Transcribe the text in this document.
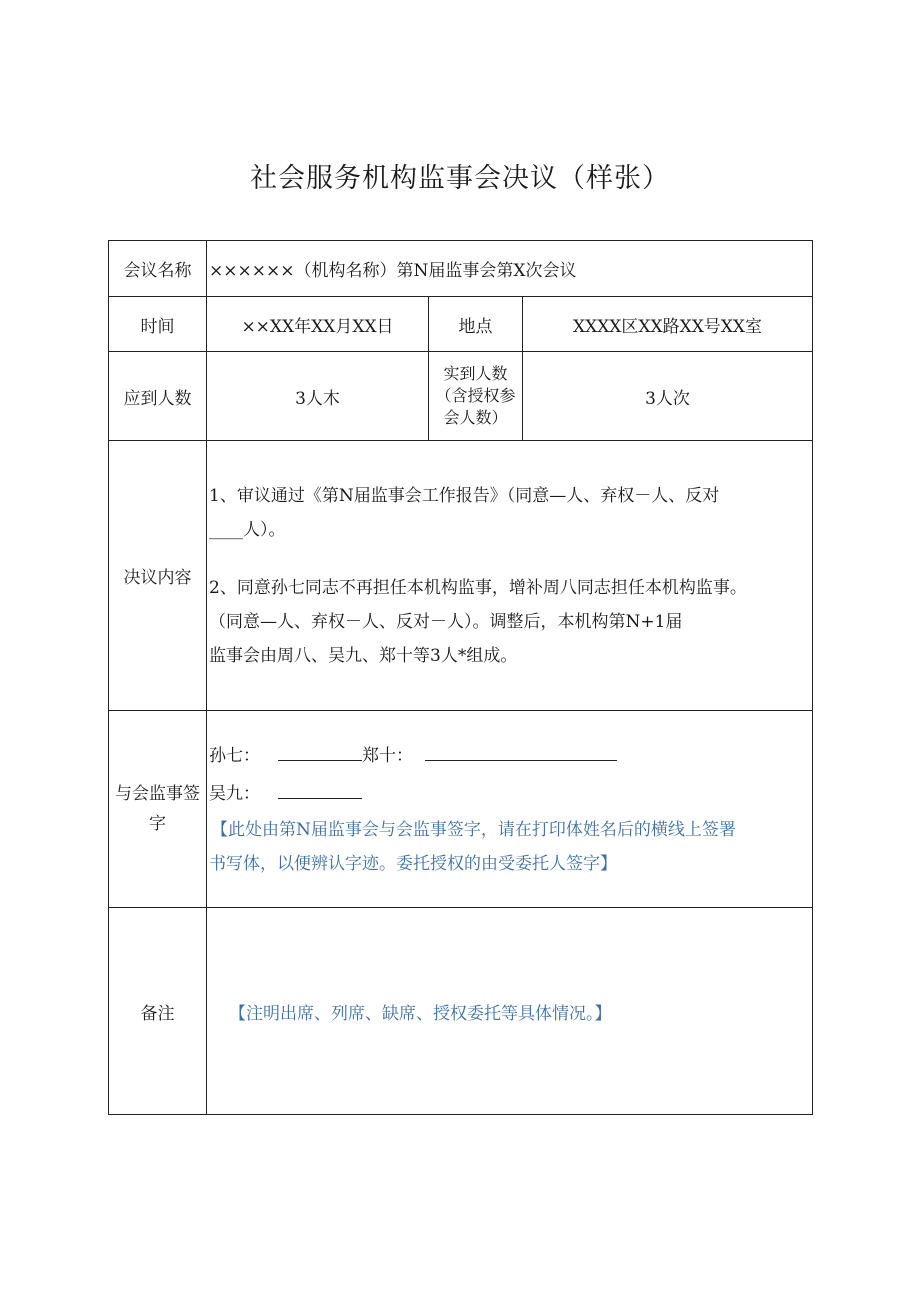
社会服务机构监事会决议（样张）
会议名称	××××××（机构名称）第N届监事会第X次会议		
时间	××XX年XX月XX日	地点	XXXX区XX路XX号XX室
应到人数	3人木	实到人数（含授权参会人数）	3人次
决议内容	1、审议通过《第N届监事会工作报告》（同意—人、弃权－人、反对

____人）。

2、同意孙七同志不再担任本机构监事，增补周八同志担任本机构监事。

（同意—人、弃权－人、反对－人）。调整后，本机构第N+1届

监事会由周八、吴九、郑十等3人*组成。		

与会监事签字	孙七： 郑十：

吴九：

【此处由第N届监事会与会监事签字，请在打印体姓名后的横线上签署

书写体，以便辨认字迹。委托授权的由受委托人签字】		

备注	【注明出席、列席、缺席、授权委托等具体情况。】		
